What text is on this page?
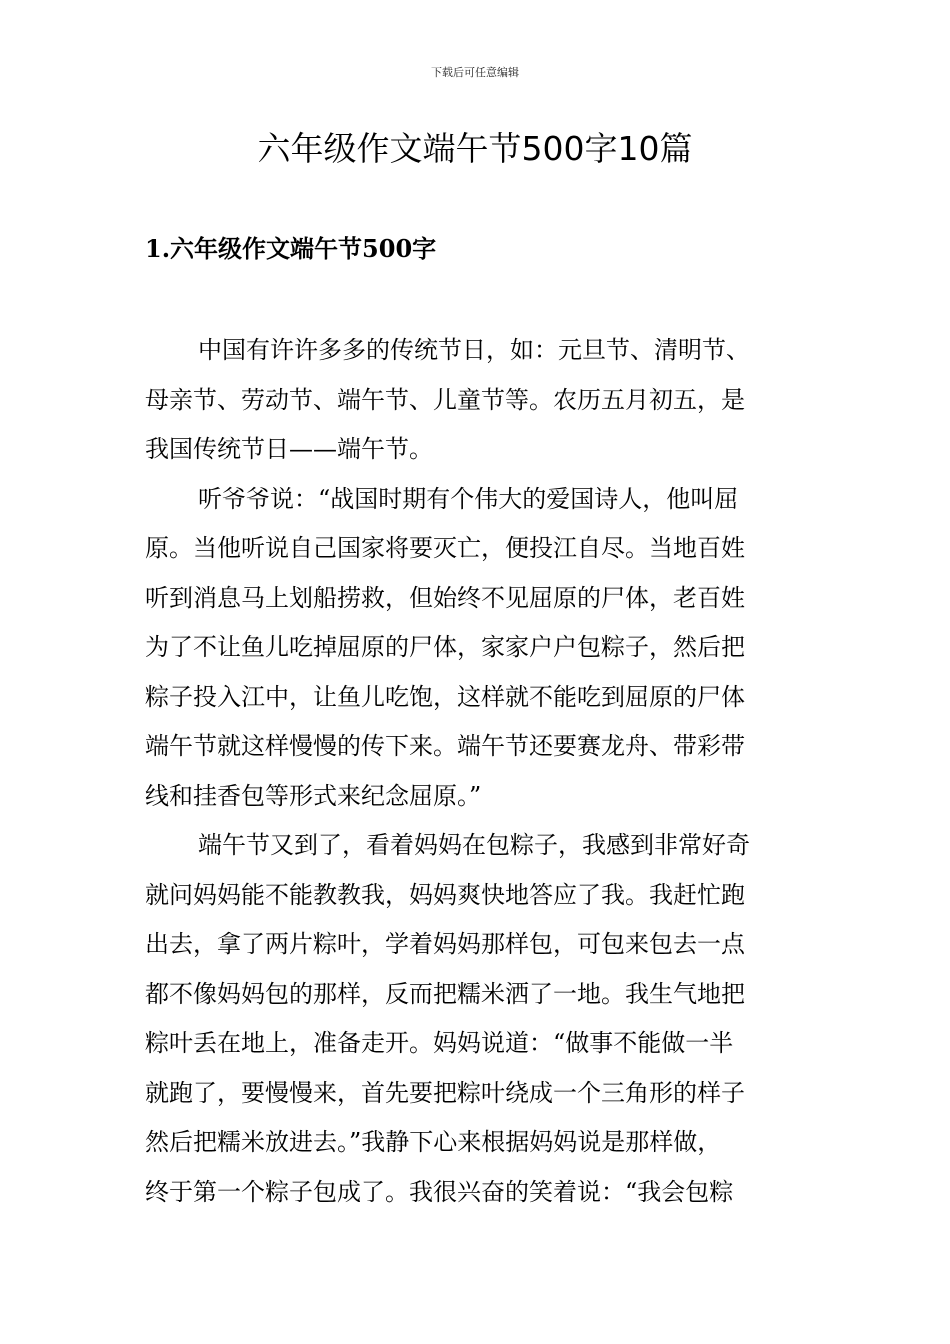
下载后可任意编辑
六年级作文端午节500字10篇
1.六年级作文端午节500字
中国有许许多多的传统节日，如：元旦节、清明节、
母亲节、劳动节、端午节、儿童节等。农历五月初五，是
我国传统节日——端午节。
听爷爷说：“战国时期有个伟大的爱国诗人，他叫屈
原。当他听说自己国家将要灭亡，便投江自尽。当地百姓
听到消息马上划船捞救，但始终不见屈原的尸体，老百姓
为了不让鱼儿吃掉屈原的尸体，家家户户包粽子，然后把
粽子投入江中，让鱼儿吃饱，这样就不能吃到屈原的尸体
端午节就这样慢慢的传下来。端午节还要赛龙舟、带彩带
线和挂香包等形式来纪念屈原。”
端午节又到了，看着妈妈在包粽子，我感到非常好奇
就问妈妈能不能教教我，妈妈爽快地答应了我。我赶忙跑
出去，拿了两片粽叶，学着妈妈那样包，可包来包去一点
都不像妈妈包的那样，反而把糯米洒了一地。我生气地把
粽叶丢在地上，准备走开。妈妈说道：“做事不能做一半
就跑了，要慢慢来，首先要把粽叶绕成一个三角形的样子
然后把糯米放进去。”我静下心来根据妈妈说是那样做，
终于第一个粽子包成了。我很兴奋的笑着说：“我会包粽
